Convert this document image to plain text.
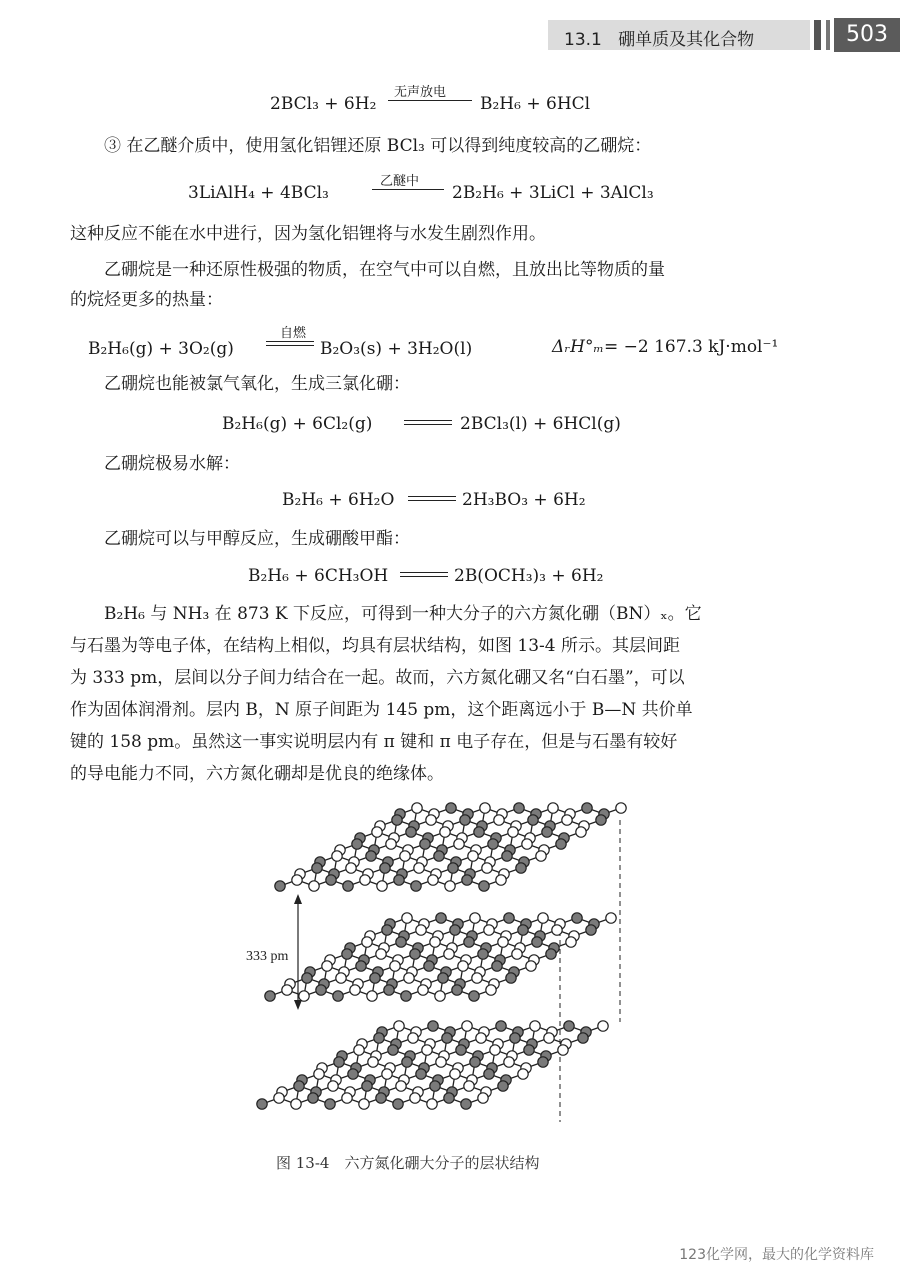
13.1 硼单质及其化合物	503
2BCl₃ + 6H₂
无声放电
B₂H₆ + 6HCl
③ 在乙醚介质中，使用氢化铝锂还原 BCl₃ 可以得到纯度较高的乙硼烷：
3LiAlH₄ + 4BCl₃
乙醚中
2B₂H₆ + 3LiCl + 3AlCl₃
这种反应不能在水中进行，因为氢化铝锂将与水发生剧烈作用。
乙硼烷是一种还原性极强的物质，在空气中可以自燃，且放出比等物质的量
的烷烃更多的热量：
B₂H₆(g) + 3O₂(g)
自燃
B₂O₃(s) + 3H₂O(l)	ΔᵣH°ₘ = −2 167.3 kJ·mol⁻¹
乙硼烷也能被氯气氧化，生成三氯化硼：
B₂H₆(g) + 6Cl₂(g)	2BCl₃(l) + 6HCl(g)
乙硼烷极易水解：
B₂H₆ + 6H₂O	2H₃BO₃ + 6H₂
乙硼烷可以与甲醇反应，生成硼酸甲酯：
B₂H₆ + 6CH₃OH	2B(OCH₃)₃ + 6H₂
B₂H₆ 与 NH₃ 在 873 K 下反应，可得到一种大分子的六方氮化硼（BN）ₓ。它
与石墨为等电子体，在结构上相似，均具有层状结构，如图 13-4 所示。其层间距
为 333 pm，层间以分子间力结合在一起。故而，六方氮化硼又名“白石墨”，可以
作为固体润滑剂。层内 B，N 原子间距为 145 pm，这个距离远小于 B—N 共价单
键的 158 pm。虽然这一事实说明层内有 π 键和 π 电子存在，但是与石墨有较好
的导电能力不同，六方氮化硼却是优良的绝缘体。
333 pm
图 13-4　六方氮化硼大分子的层状结构
123化学网，最大的化学资料库
